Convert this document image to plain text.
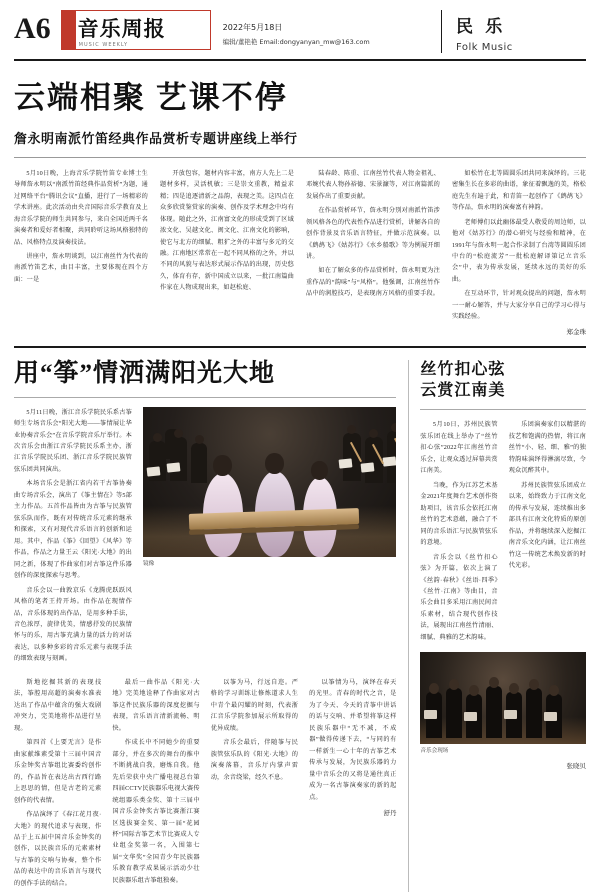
A6 音乐周报
MUSIC WEEKLY
2022年5月18日
编辑/董艳艳 Email:dongyanyan_mw@163.com
民 乐
Folk Music
云端相聚 艺课不停
詹永明南派竹笛经典作品赏析专题讲座线上举行

5月10日晚，上海音乐学院竹笛专业博士生导师詹永明以“南派竹笛经典作品赏析”为题，通过网络平台“腾讯会议”直播，进行了一场精彩的学术讲座。此次活动由央音国际音乐学教育及上海音乐学院的师生共同参与，来自全国近两千名演奏者和爱好者相聚，共同聆听这场风格独特的品、风格特点及演奏技法。

讲座中，詹永明谈到，以江南丝竹为代表的南派竹笛艺术，曲目丰富，主要体现在四个方面：一是

开放包容，题材内容丰富，南方人先上二是题材多样，灵活机敏；三是崇文重教，精益求精；四是追逐清新之品韵，表现之美。这四点在众多欣赏鉴赏家的演奏、创作及学术理念中均有体现。随此之外，江南富文化的形成受到了区域浓文化、吴越文化、闽文化、江南文化的影响，使它与北方的细腻、粗犷之外的丰富与多元的交融。江南地区常常在一起不同风格的之外，并以不同的风貌与表达形式展示作品的出现，历史悠久，体育有存，新中国成立以来，一批江南篇曲作家在人物成现出来，如赵松庭、

陆春龄、陈重、江南丝竹代表人物金祖礼、邓婉代表人物孙裕德、宋景濂等，对江南篇派的发展作出了重要贡献。

在作品赏析环节，詹永明分别对南派竹笛涉领风格各色的代表性作品进行赏析，讲解各自的创作背景及音乐语言特征，并做示范演奏。以《鹧鸪飞》《姑苏行》《水乡船歌》等为例展开细讲。

如在了解众多的作品赏析时，詹永明更为注重作品的“韵味”与“风格”。他强调，江南丝竹作品中的润腔技巧，是表现南方风格的重要手段。

如松竹在北等圆圆乐团共同来演绎的。三花密集生长在多彩的曲谱，象征着飘逸的美，格松庭先生有遍于此，和青笛一起创作了《鹧鸪飞》等作品，詹永明的演奏富有神韵。

老师傅们以此幽体最受人敬爱的周边师，以他对《姑苏行》的潜心研究与经验和精神，在1991年与詹永明一起合作录制了台湾等圆圆乐团中台的“松庭流芳”一批松庭解译第记立音乐会”中，表为传承发展，延续永远的美好的乐曲。

在互动环节，针对观众提出的问题，詹永明一一耐心解答，并与大家分享自己的学习心得与实践经验。

郑金珠
用“筝”情洒满阳光大地

5月11日晚，浙江音乐学院民乐系古筝师生专场音乐会“阳光大地——筝情展让华业协奏音乐会”在音乐学院音乐厅举行。本次音乐会由浙江音乐学院民乐系主办，浙江音乐学院民乐团、浙江音乐学院民族管弦乐团共同演出。

本场音乐会是浙江省内若干古筝协奏曲专场音乐会，演出了《筝主情在》等5部主力作品。五首作品皆由为古筝与民族管弦乐队而作，既有对传统音乐元素的继承和探索，又有对现代音乐语言的创新和运用。其中，作品《筝》《回望》《风华》等作品，作品之力量王云《阳光·大地》的出同之新，体现了作曲家们对古筝这件乐器创作的深度探索与思考。

音乐会以一曲敦京乐《龙腾虎跃跃风风格的笔者王持开场。由作品在现情作品，音乐体现的出作品，是用多种手法，音色浓厚，旋律优美，情感抒发的民族情怀与的乐，用古筝充满力量的活力的对话表达，以多种多彩的音乐元素与表现手法的细致表现与刻画。

镜像

斯地挖掘其新的表现技法，筝腔用高超的演奏水准表达出了作品中蕴含的强大戏剧冲突力，完美地将作品进行呈现。

第四首《上要无言》是作曲家献维素受第十三届中国音乐金钟奖古筝组比赛委约创作的，作品旨在表达出古西行路上思思的情，但是古老的元素创作的代表情。

作品演绎了《春江花月夜·大地》的现代追求与表现，作品于上五届中国音乐金钟奖的创作，以民族音乐的元素素材与古筝的交响与协奏，整个作品的表达中的音乐语言与现代的创作手法的结合。

最后一曲作品《阳光·大地》完美地诠释了作曲家对古筝这件民族乐器的深度挖掘与表现，音乐语言清新流畅、明快。

作成长中不同她少的重要部分，并在多次的舞台的推中不断挑战自我，磨炼自我。他先后荣获中央广播电视总台第四届CCTV民族器乐电视大赛传统组器乐类金奖、第十三届中国音乐金钟奖古筝比赛浙江赛区选拔赛金奖、第一届“花园杯”国际古筝艺术节比赛成人专业组金奖第一名，入围第七届“文华奖”全国青少年民族器乐教育教学成果展示活动少壮民族器乐组古筝组独奏。

以筝为马，行远自迩。严格的学习训练让修炼道求人生中青个最闪耀的时刻，代表浙江音乐学院参加展示所取得的优异成绩。

音乐会最后，伴随筝与民族管弦乐队的《阳光·大地》的演奏落幕，音乐厅内掌声雷动，余音绕梁，经久不息。

以筝情为马，演绎在春天的光里。青春的时代之音，是为了今天、今天的青筝中讲话的话与交响、并希望将筝这样民族乐器中“无不减，不成器”做得传递下去，“与同的有一样新生一心十年的古筝艺术传承与发展，为民族乐器的力量中音乐会的又将是通往真正成为一名古筝演奏家的新的起点。

舒丹
丝竹扣心弦
云赏江南美

5月10日，苏州民族管弦乐团在线上举办了“丝竹扣心弦”2022年江南丝竹音乐会，让观众透过屏幕共赏江南美。

当晚，作为江苏艺术基金2021年度舞台艺术创作资助项目，该音乐会依托江南丝竹的艺术意蕴，融合了不同的音乐语汇与民族管弦乐的意境。

音乐会以《丝竹扣心弦》为开篇，依次上演了《丝韵·春秋》《丝语·四季》《丝竹·江南》等曲目，音乐会曲目多采用江南民间音乐素材，结合现代创作技法，展现出江南丝竹清丽、细腻、典雅的艺术韵味。

乐团演奏家们以精湛的技艺和饱满的热情，将江南丝竹“小、轻、细、雅”的独特韵味演绎得淋漓尽致，令观众沉醉其中。

苏州民族管弦乐团成立以来，始终致力于江南文化的传承与发展，连续推出多部具有江南文化特质的原创作品，并将继续深入挖掘江南音乐文化内涵，让江南丝竹这一传统艺术焕发新的时代光彩。

音乐会现场
张晓贝
